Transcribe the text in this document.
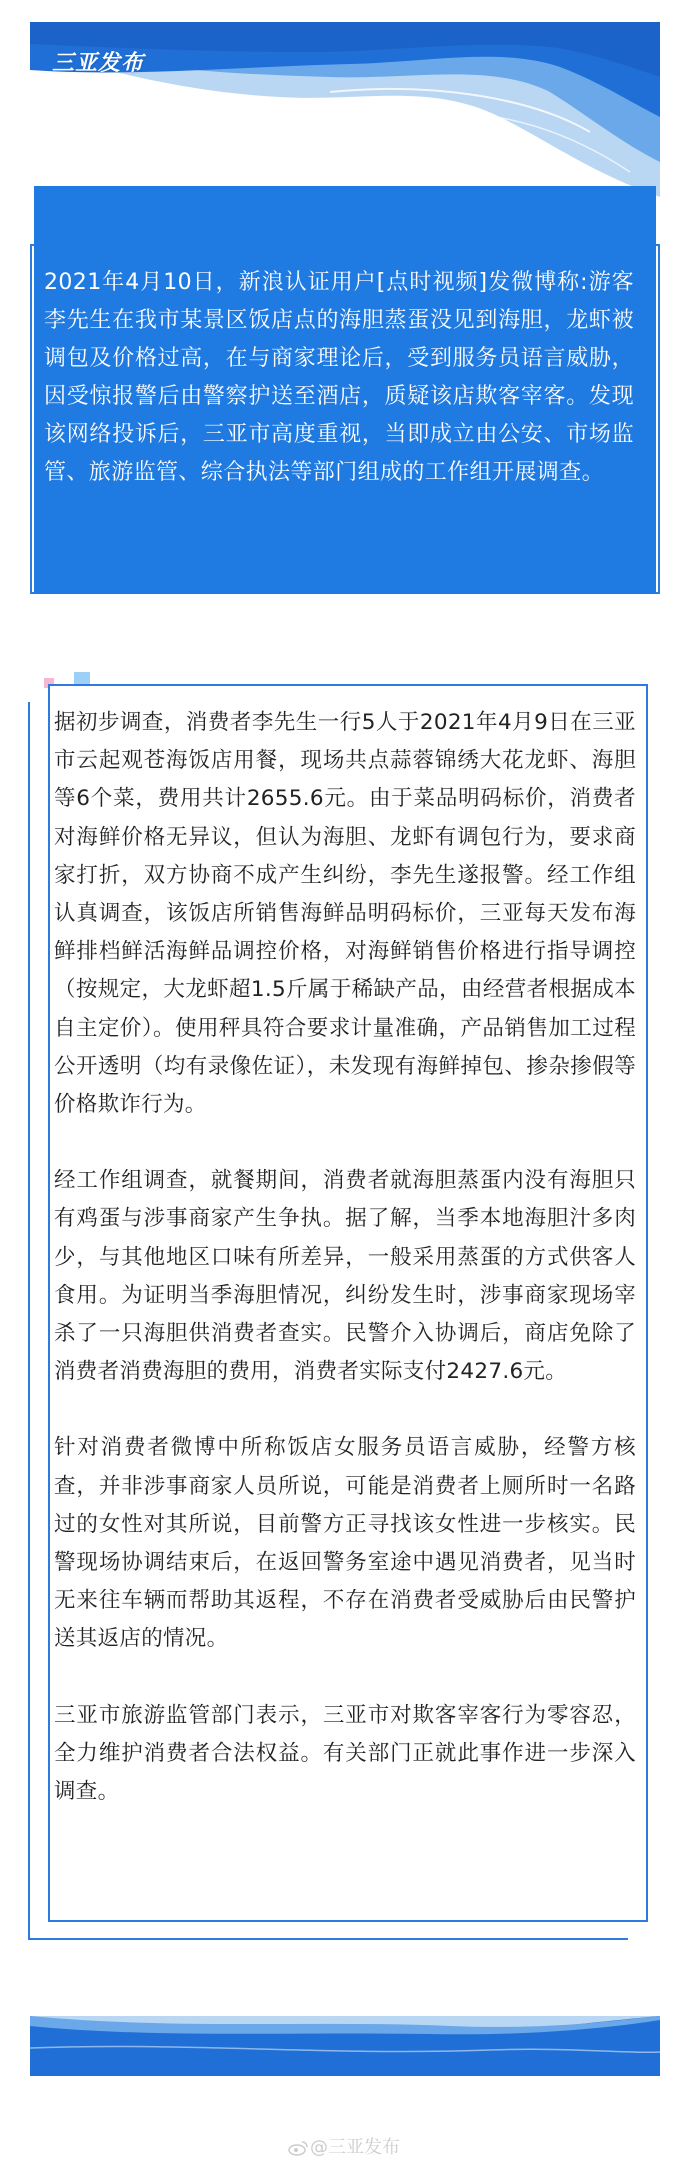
三亚发布
2021年4月10日，新浪认证用户[点时视频]发微博称:游客李先生在我市某景区饭店点的海胆蒸蛋没见到海胆，龙虾被调包及价格过高，在与商家理论后，受到服务员语言威胁，因受惊报警后由警察护送至酒店，质疑该店欺客宰客。发现该网络投诉后，三亚市高度重视，当即成立由公安、市场监管、旅游监管、综合执法等部门组成的工作组开展调查。

据初步调查，消费者李先生一行5人于2021年4月9日在三亚市云起观苍海饭店用餐，现场共点蒜蓉锦绣大花龙虾、海胆等6个菜，费用共计2655.6元。由于菜品明码标价，消费者对海鲜价格无异议，但认为海胆、龙虾有调包行为，要求商家打折，双方协商不成产生纠纷，李先生遂报警。经工作组认真调查，该饭店所销售海鲜品明码标价，三亚每天发布海鲜排档鲜活海鲜品调控价格，对海鲜销售价格进行指导调控（按规定，大龙虾超1.5斤属于稀缺产品，由经营者根据成本自主定价）。使用秤具符合要求计量准确，产品销售加工过程公开透明（均有录像佐证），未发现有海鲜掉包、掺杂掺假等价格欺诈行为。

经工作组调查，就餐期间，消费者就海胆蒸蛋内没有海胆只有鸡蛋与涉事商家产生争执。据了解，当季本地海胆汁多肉少，与其他地区口味有所差异，一般采用蒸蛋的方式供客人食用。为证明当季海胆情况，纠纷发生时，涉事商家现场宰杀了一只海胆供消费者查实。民警介入协调后，商店免除了消费者消费海胆的费用，消费者实际支付2427.6元。

针对消费者微博中所称饭店女服务员语言威胁，经警方核查，并非涉事商家人员所说，可能是消费者上厕所时一名路过的女性对其所说，目前警方正寻找该女性进一步核实。民警现场协调结束后，在返回警务室途中遇见消费者，见当时无来往车辆而帮助其返程，不存在消费者受威胁后由民警护送其返店的情况。

三亚市旅游监管部门表示，三亚市对欺客宰客行为零容忍，全力维护消费者合法权益。有关部门正就此事作进一步深入调查。

@三亚发布
